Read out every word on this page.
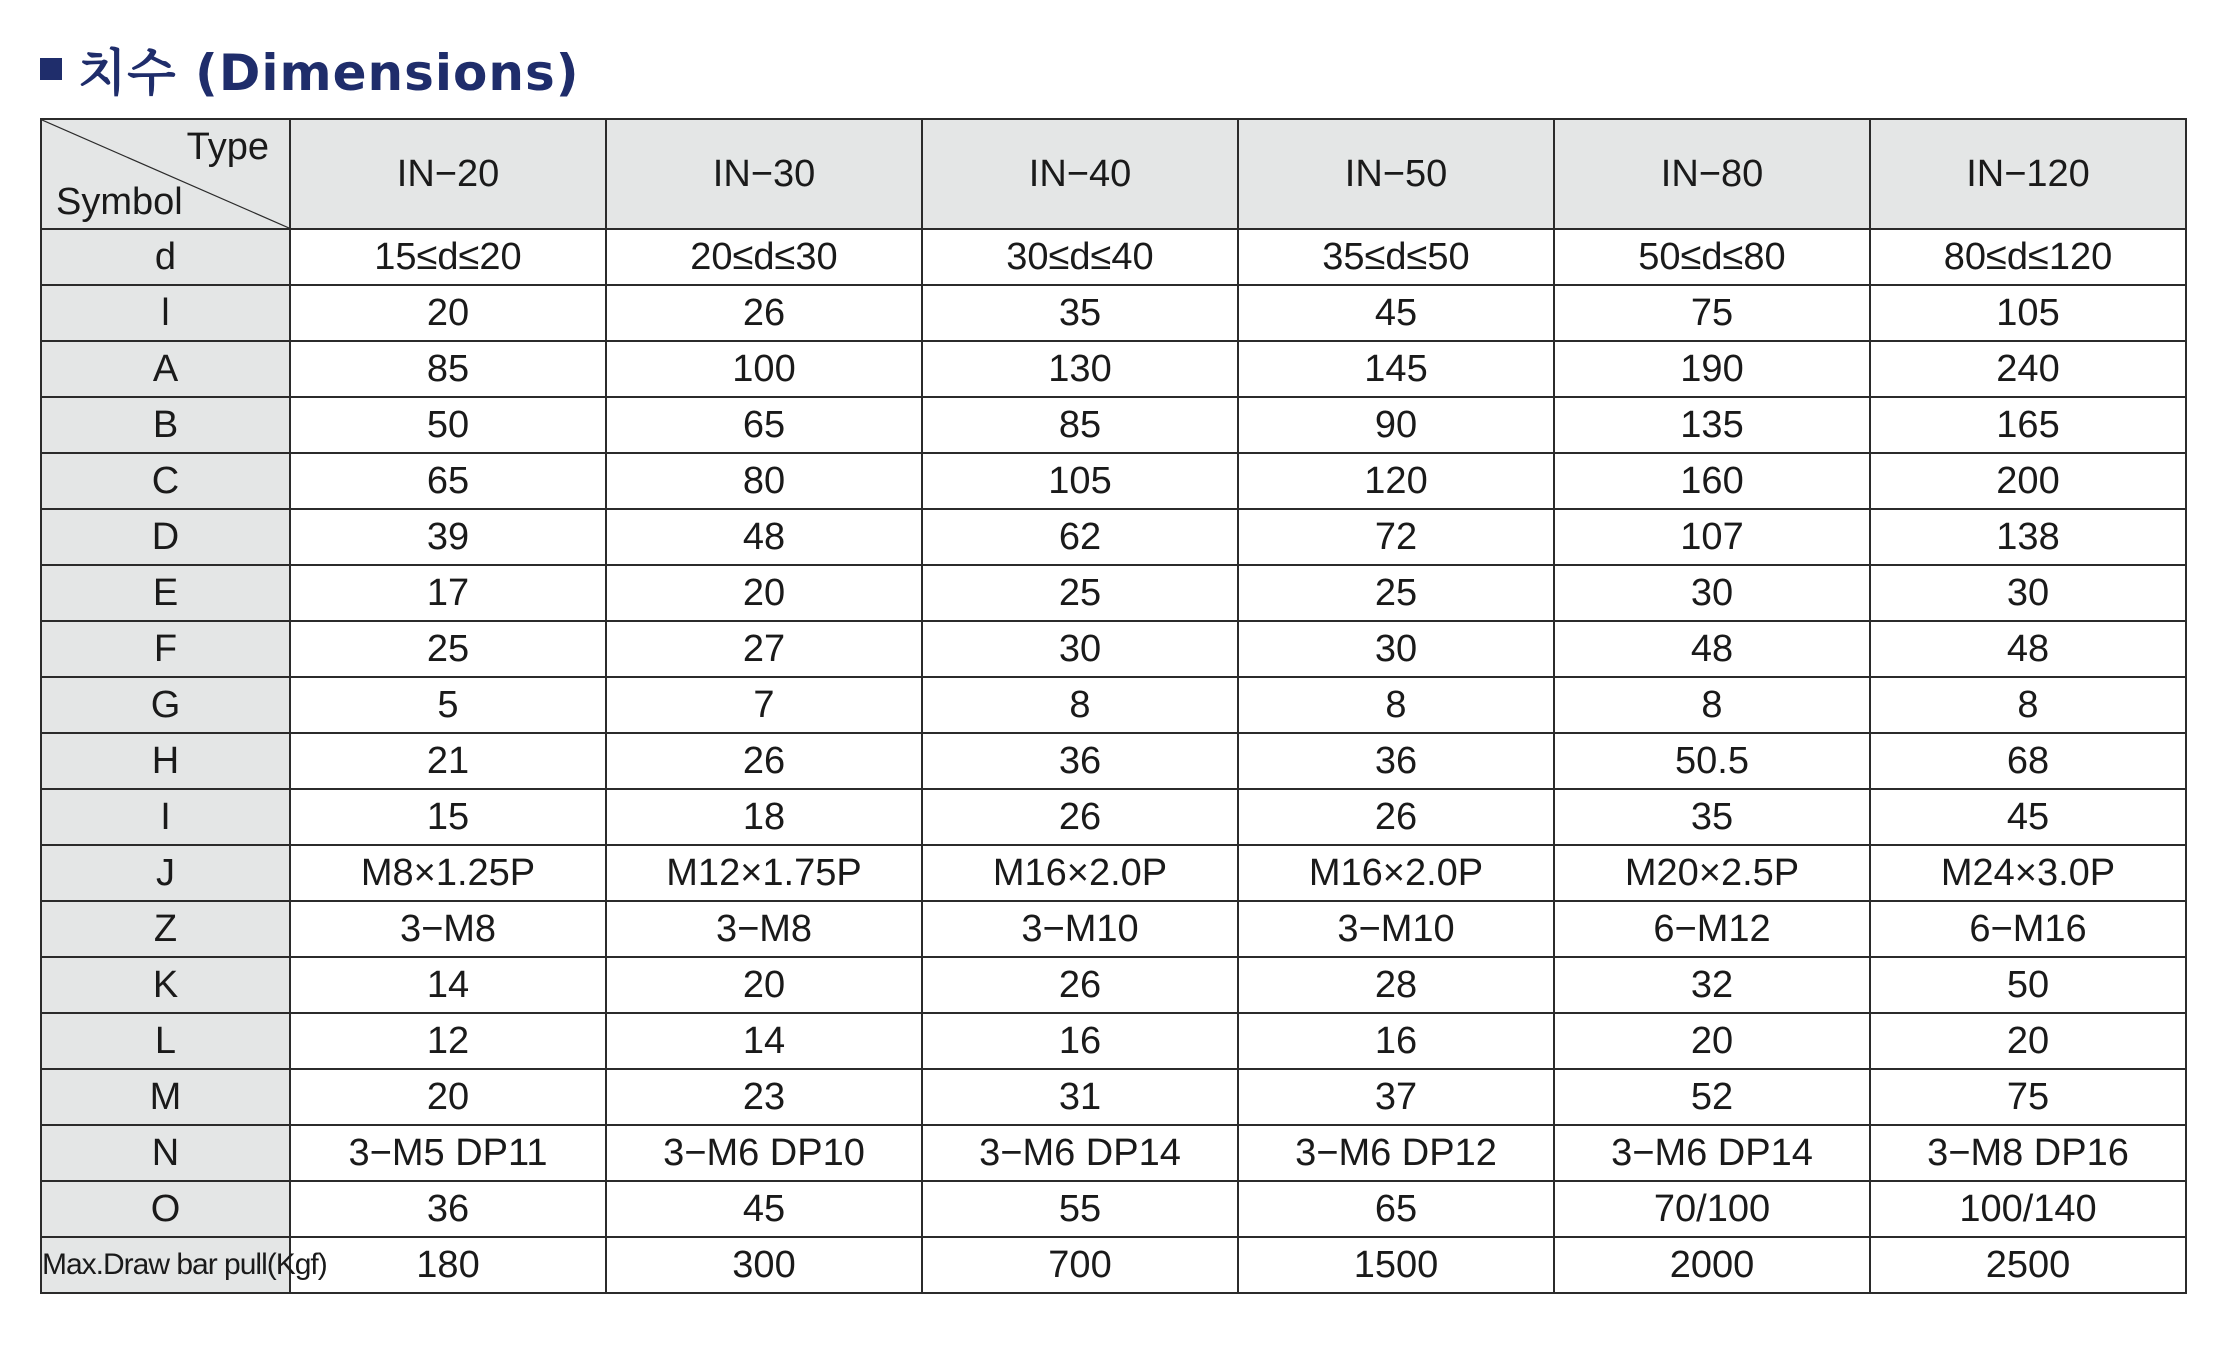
치수 (Dimensions)
Type
Symbol	IN−20	IN−30	IN−40	IN−50	IN−80	IN−120
d	15≤d≤20	20≤d≤30	30≤d≤40	35≤d≤50	50≤d≤80	80≤d≤120
l	20	26	35	45	75	105
A	85	100	130	145	190	240
B	50	65	85	90	135	165
C	65	80	105	120	160	200
D	39	48	62	72	107	138
E	17	20	25	25	30	30
F	25	27	30	30	48	48
G	5	7	8	8	8	8
H	21	26	36	36	50.5	68
I	15	18	26	26	35	45
J	M8×1.25P	M12×1.75P	M16×2.0P	M16×2.0P	M20×2.5P	M24×3.0P
Z	3−M8	3−M8	3−M10	3−M10	6−M12	6−M16
K	14	20	26	28	32	50
L	12	14	16	16	20	20
M	20	23	31	37	52	75
N	3−M5 DP11	3−M6 DP10	3−M6 DP14	3−M6 DP12	3−M6 DP14	3−M8 DP16
O	36	45	55	65	70/100	100/140
Max.Draw bar pull(Kgf)	180	300	700	1500	2000	2500
